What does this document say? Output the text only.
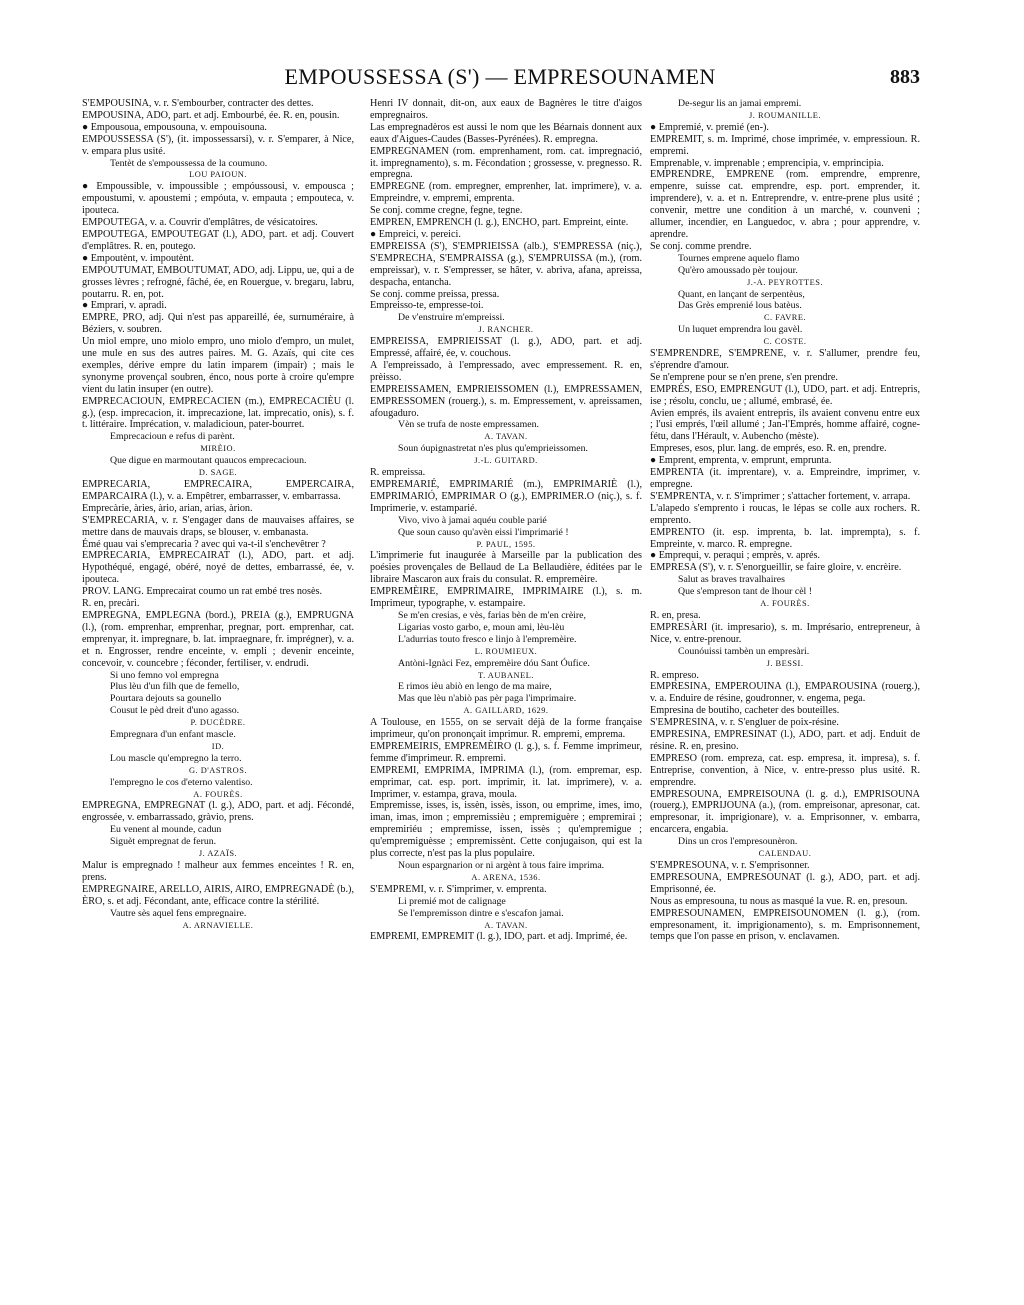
EMPOUSSESSA (S') — EMPRESOUNAMEN	883
S'EMPOUSINA, v. r. S'embourber, contracter des dettes.
EMPOUSINA, ADO, part. et adj. Embourbé, ée. R. en, pousin.
● Empousoua, empousouna, v. empouisouna.
EMPOUSSESSA (S'), (it. impossessarsi), v. r. S'emparer, à Nice, v. empara plus usité.
Tentèt de s'empoussessa de la coumuno.
LOU PAIOUN.
● Empoussible, v. impoussible ; empóussousi, v. empousca ; empoustumi, v. apoustemi ; empóuta, v. empauta ; empouteca, v. ipouteca.
EMPOUTEGA, v. a. Couvrir d'emplâtres, de vésicatoires.
EMPOUTEGA, EMPOUTEGAT (l.), ADO, part. et adj. Couvert d'emplâtres. R. en, poutego.
● Empoutènt, v. impoutènt.
EMPOUTUMAT, EMBOUTUMAT, ADO, adj. Lippu, ue, qui a de grosses lèvres ; refrogné, fâché, ée, en Rouergue, v. bregaru, labru, poutarru. R. en, pot.
● Emprari, v. apradi.
EMPRE, PRO, adj. Qui n'est pas appareillé, ée, surnuméraire, à Béziers, v. soubren.
Un miol empre, uno miolo empro, uno miolo d'empro, un mulet, une mule en sus des autres paires. M. G. Azaïs, qui cite ces exemples, dérive empre du latin imparem (impair) ; mais le synonyme provençal soubren, énco, nous porte à croire qu'empre vient du latin insuper (en outre).
EMPRECACIOUN, EMPRECACIEN (m.), EMPRECACIÈU (l. g.), (esp. imprecacion, it. imprecazione, lat. imprecatio, onis), s. f. t. littéraire. Imprécation, v. maladicioun, pater-bourret.
Emprecacioun e refus di parènt.
MIRÈIO.
Que digue en marmoutant quaucos emprecacioun.
D. SAGE.
EMPRECARIA, EMPRECAIRA, EMPERCAIRA, EMPARCAIRA (l.), v. a. Empêtrer, embarrasser, v. embarrassa.
Emprecàrie, àries, àrio, arian, arias, àrion.
S'EMPRECARIA, v. r. S'engager dans de mauvaises affaires, se mettre dans de mauvais draps, se blouser, v. embanasta.
Émé quau vai s'emprecaria ? avec qui va-t-il s'enchevêtrer ?
EMPRECARIA, EMPRECAIRAT (l.), ADO, part. et adj. Hypothéqué, engagé, obéré, noyé de dettes, embarrassé, ée, v. ipouteca.
PROV. LANG. Emprecairat coumo un rat embé tres nosès.
R. en, precàri.
EMPREGNA, EMPLEGNA (bord.), PREIA (g.), EMPRUGNA (l.), (rom. emprenhar, emprenhar, pregnar, port. emprenhar, cat. emprenyar, it. impregnare, b. lat. impraegnare, fr. imprégner), v. a. et n. Engrosser, rendre enceinte, v. empli ; devenir enceinte, concevoir, v. councebre ; féconder, fertiliser, v. endrudi.
Si uno femno vol empregna
Plus lèu d'un filh que de femello,
Pourtara dejouts sa gounello
Cousut le pèd dreit d'uno agasso.
P. DUCÈDRE.
Empregnara d'un enfant mascle.
ID.
Lou mascle qu'empregno la terro.
G. D'ASTROS.
l'empregno le cos d'eterno valentiso.
A. FOURÈS.
EMPREGNA, EMPREGNAT (l. g.), ADO, part. et adj. Fécondé, engrossée, v. embarrassado, gràvio, prens.
Eu venent al mounde, cadun
Siguèt empregnat de ferun.
J. AZAÏS.
Malur is empregnado ! malheur aux femmes enceintes ! R. en, prens.
EMPREGNAIRE, ARELLO, AIRIS, AIRO, EMPREGNADÈ (b.), ÈRO, s. et adj. Fécondant, ante, efficace contre la stérilité.
Vautre sès aquel fens empregnaire.
A. ARNAVIELLE.
Henri IV donnait, dit-on, aux eaux de Bagnères le titre d'aigos empregnairos.
Las empregnadèros est aussi le nom que les Béarnais donnent aux eaux d'Aigues-Caudes (Basses-Pyrénées). R. empregna.
EMPREGNAMEN (rom. emprenhament, rom. cat. impregnació, it. impregnamento), s. m. Fécondation ; grossesse, v. pregnesso. R. empregna.
EMPREGNE (rom. empregner, emprenher, lat. imprimere), v. a. Empreindre, v. empremi, emprenta.
Se conj. comme cregne, fegne, tegne.
EMPREN, EMPRENCH (l. g.), ENCHO, part. Empreint, einte.
● Empreici, v. pereici.
EMPREISSA (S'), S'EMPRIEISSA (alb.), S'EMPRESSA (niç.), S'EMPRECHA, S'EMPRAISSA (g.), S'EMPRUISSA (m.), (rom. empreissar), v. r. S'empresser, se hâter, v. abriva, afana, apreissa, despacha, entancha.
Se conj. comme preissa, pressa.
Empreisso-te, empresse-toi.
De v'enstruire m'empreissi.
J. RANCHER.
EMPREISSA, EMPRIEISSAT (l. g.), ADO, part. et adj. Empressé, affairé, ée, v. couchous.
A l'empreissado, à l'empressado, avec empressement. R. en, prèisso.
EMPREISSAMEN, EMPRIEISSOMEN (l.), EMPRESSAMEN, EMPRESSOMEN (rouerg.), s. m. Empressement, v. apreissamen, afougaduro.
Vèn se trufa de noste empressamen.
A. TAVAN.
Soun óupignastretat n'es plus qu'emprieissomen.
J.-L. GUITARD.
R. empreissa.
EMPREMARIÉ, EMPRIMARIÉ (m.), EMPRIMARIÈ (l.), EMPRIMARIÓ, EMPRIMAR O (g.), EMPRIMER.O (niç.), s. f. Imprimerie, v. estamparié.
Vivo, vivo à jamai aquéu couble parié
Que soun causo qu'avèn eissi l'imprimarié !
P. PAUL, 1595.
L'imprimerie fut inaugurée à Marseille par la publication des poésies provençales de Bellaud de La Bellaudière, éditées par le libraire Mascaron aux frais du consulat. R. empremèire.
EMPREMÈIRE, EMPRIMAIRE, IMPRIMAIRE (l.), s. m. Imprimeur, typographe, v. estampaire.
Se m'en cresias, e vès, farias bèn de m'en crèire,
Ligarias vosto garbo, e, moun ami, lèu-lèu
L'adurrias touto fresco e linjo à l'empremèire.
L. ROUMIEUX.
Antòni-Ignàci Fez, empremèire dóu Sant Óufice.
T. AUBANEL.
E rimos ièu abiò en lengo de ma maire,
Mas que lèu n'abiò pas pèr paga l'imprimaire.
A. GAILLARD, 1629.
A Toulouse, en 1555, on se servait déjà de la forme française imprimeur, qu'on prononçait imprimur. R. empremi, emprema.
EMPREMEIRIS, EMPREMÈIRO (l. g.), s. f. Femme imprimeur, femme d'imprimeur. R. empremi.
EMPREMI, EMPRIMA, IMPRIMA (l.), (rom. empremar, esp. emprimar, cat. esp. port. imprimir, it. lat. imprimere), v. a. Imprimer, v. estampa, grava, moula.
Empremisse, isses, is, issèn, issès, isson, ou emprime, imes, imo, iman, imas, imon ; empremissièu ; empremiguère ; empremirai ; empremiriéu ; empremisse, issen, issès ; qu'empremigue ; qu'empremiguèsse ; empremissènt. Cette conjugaison, qui est la plus correcte, n'est pas la plus populaire.
Noun espargnarion or ni argènt à tous faire imprima.
A. ARENA, 1536.
S'EMPREMI, v. r. S'imprimer, v. emprenta.
Li premié mot de calignage
Se l'empremisson dintre e s'escafon jamai.
A. TAVAN.
EMPREMI, EMPREMIT (l. g.), IDO, part. et adj. Imprimé, ée.
De-segur lis an jamai empremi.
J. ROUMANILLE.
● Empremié, v. premié (en-).
EMPREMIT, s. m. Imprimé, chose imprimée, v. empressioun. R. empremi.
Emprenable, v. imprenable ; emprencipia, v. emprincipia.
EMPRENDRE, EMPRENE (rom. emprendre, emprenre, empenre, suisse cat. emprendre, esp. port. emprender, it. imprendere), v. a. et n. Entreprendre, v. entre-prene plus usité ; convenir, mettre une condition à un marché, v. counveni ; allumer, incendier, en Languedoc, v. abra ; pour apprendre, v. aprendre.
Se conj. comme prendre.
Tournes emprene aquelo flamo
Qu'èro amoussado pèr toujour.
J.-A. PEYROTTES.
Quant, en lançant de serpentèus,
Das Grès emprenié lous batèus.
C. FAVRE.
Un luquet emprendra lou gavèl.
C. COSTE.
S'EMPRENDRE, S'EMPRENE, v. r. S'allumer, prendre feu, s'éprendre d'amour.
Se n'emprene pour se n'en prene, s'en prendre.
EMPRÉS, ESO, EMPRENGUT (l.), UDO, part. et adj. Entrepris, ise ; résolu, conclu, ue ; allumé, embrasé, ée.
Avien emprés, ils avaient entrepris, ils avaient convenu entre eux ; l'usi emprés, l'œil allumé ; Jan-l'Emprés, homme affairé, cogne-fétu, dans l'Hérault, v. Aubencho (mèste).
Empreses, esos, plur. lang. de emprés, eso. R. en, prendre.
● Emprent, emprenta, v. emprunt, emprunta.
EMPRENTA (it. imprentare), v. a. Empreindre, imprimer, v. empregne.
S'EMPRENTA, v. r. S'imprimer ; s'attacher fortement, v. arrapa.
L'alapedo s'emprento i roucas, le lépas se colle aux rochers. R. emprento.
EMPRENTO (it. esp. imprenta, b. lat. imprempta), s. f. Empreinte, v. marco. R. empregne.
● Emprequi, v. peraqui ; emprès, v. aprés.
EMPRESA (S'), v. r. S'enorgueillir, se faire gloire, v. encrèire.
Salut as braves travalhaires
Que s'empreson tant de lhour cèl !
A. FOURÈS.
R. en, presa.
EMPRESÀRI (it. impresario), s. m. Imprésario, entrepreneur, à Nice, v. entre-prenour.
Counóuissi tambèn un empresàri.
J. BESSI.
R. empreso.
EMPRESINA, EMPEROUINA (l.), EMPAROUSINA (rouerg.), v. a. Enduire de résine, goudronner, v. engema, pega.
Empresina de boutiho, cacheter des bouteilles.
S'EMPRESINA, v. r. S'engluer de poix-résine.
EMPRESINA, EMPRESINAT (l.), ADO, part. et adj. Enduit de résine. R. en, presino.
EMPRESO (rom. empreza, cat. esp. empresa, it. impresa), s. f. Entreprise, convention, à Nice, v. entre-presso plus usité. R. emprendre.
EMPRESOUNA, EMPREISOUNA (l. g. d.), EMPRISOUNA (rouerg.), EMPRIJOUNA (a.), (rom. empreisonar, apresonar, cat. empresonar, it. imprigionare), v. a. Emprisonner, v. embarra, encarcera, engabia.
Dins un cros l'empresounèron.
CALENDAU.
S'EMPRESOUNA, v. r. S'emprisonner.
EMPRESOUNA, EMPRESOUNAT (l. g.), ADO, part. et adj. Emprisonné, ée.
Nous as empresouna, tu nous as masqué la vue. R. en, presoun.
EMPRESOUNAMEN, EMPREISOUNOMEN (l. g.), (rom. empresonament, it. imprigionamento), s. m. Emprisonnement, temps que l'on passe en prison, v. enclavamen.
